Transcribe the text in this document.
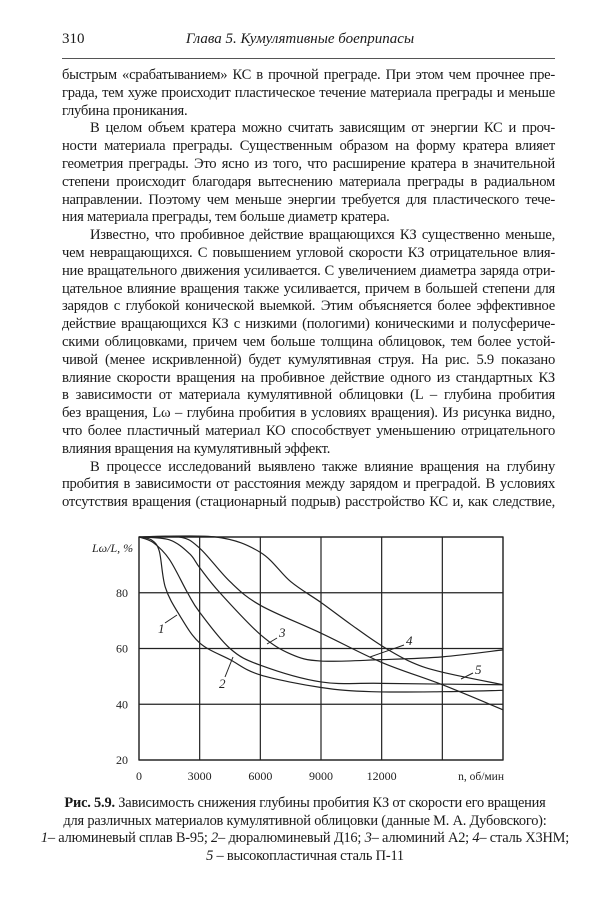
310	Глава 5. Кумулятивные боеприпасы
быстрым «срабатыванием» КС в прочной преграде. При этом чем прочнее пре-
града, тем хуже происходит пластическое течение материала преграды и меньше
глубина проникания.
В целом объем кратера можно считать зависящим от энергии КС и проч-
ности материала преграды. Существенным образом на форму кратера влияет
геометрия преграды. Это ясно из того, что расширение кратера в значительной
степени происходит благодаря вытеснению материала преграды в радиальном
направлении. Поэтому чем меньше энергии требуется для пластического тече-
ния материала преграды, тем больше диаметр кратера.
Известно, что пробивное действие вращающихся КЗ существенно меньше,
чем невращающихся. С повышением угловой скорости КЗ отрицательное влия-
ние вращательного движения усиливается. С увеличением диаметра заряда отри-
цательное влияние вращения также усиливается, причем в большей степени для
зарядов с глубокой конической выемкой. Этим объясняется более эффективное
действие вращающихся КЗ с низкими (пологими) коническими и полусфериче-
скими облицовками, причем чем больше толщина облицовок, тем более устой-
чивой (менее искривленной) будет кумулятивная струя. На рис. 5.9 показано
влияние скорости вращения на пробивное действие одного из стандартных КЗ
в зависимости от материала кумулятивной облицовки (L – глубина пробития
без вращения, Lω – глубина пробития в условиях вращения). Из рисунка видно,
что более пластичный материал КО способствует уменьшению отрицательного
влияния вращения на кумулятивный эффект.
В процессе исследований выявлено также влияние вращения на глубину
пробития в зависимости от расстояния между зарядом и преградой. В условиях
отсутствия вращения (стационарный подрыв) расстройство КС и, как следствие,
0	3000	6000	9000	12000
20
40
60
80
Lω/L, %
n, об/мин
1
2
3
4
5
Рис. 5.9. Зависимость снижения глубины пробития КЗ от скорости его вращения
для различных материалов кумулятивной облицовки (данные М. А. Дубовского):
1– алюминевый сплав В-95; 2– дюралюминевый Д16; 3– алюминий А2; 4– сталь Х3НМ;
5 – высокопластичная сталь П-11
